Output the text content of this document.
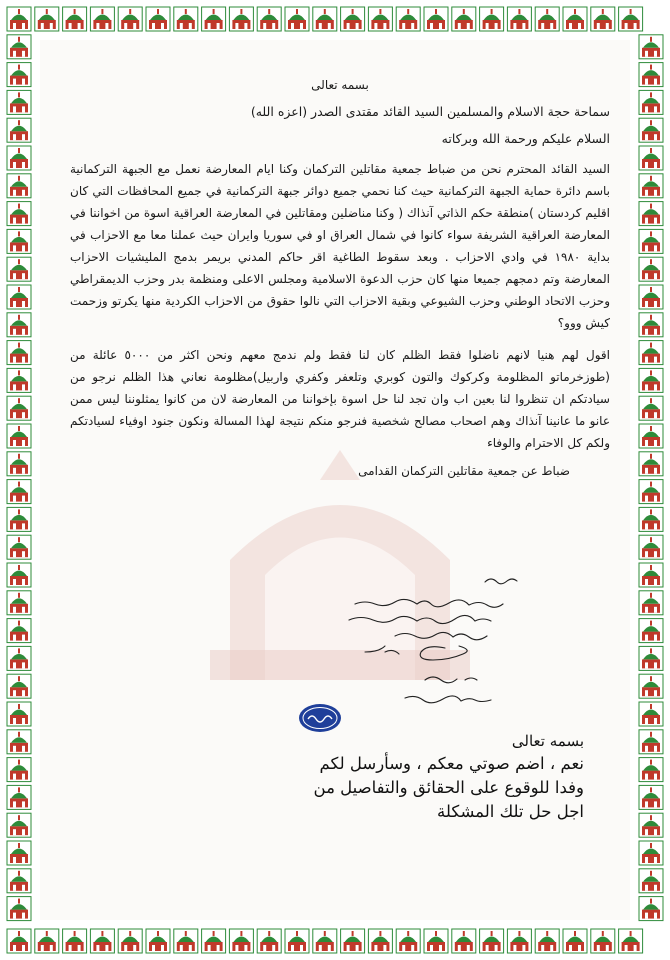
بسمه تعالى
سماحة حجة الاسلام والمسلمين السيد القائد مقتدى الصدر (اعزه الله)
السلام عليكم ورحمة الله وبركاته

السيد القائد المحترم نحن من ضباط جمعية مقاتلين التركمان وكنا ايام المعارضة نعمل مع الجبهة التركمانية باسم دائرة حماية الجبهة التركمانية حيث كنا نحمي جميع دوائر جبهة التركمانية في جميع المحافظات التي كان اقليم كردستان )منطقة حكم الذاتي آنذاك ( وكنا مناضلين ومقاتلين في المعارضة العراقية اسوة من اخواننا في المعارضة العراقية الشريفة سواء كانوا في شمال العراق او في سوريا وايران حيث عملنا معا مع الاحزاب في بداية ١٩٨٠ في وادي الاحزاب . وبعد سقوط الطاغية اقر حاكم المدني بريمر بدمج المليشيات الاحزاب المعارضة وتم دمجهم جميعا منها كان حزب الدعوة الاسلامية ومجلس الاعلى ومنظمة بدر وحزب الديمقراطي وحزب الاتحاد الوطني وحزب الشيوعي وبقية الاحزاب التي نالوا حقوق من الاحزاب الكردية منها يكرتو وزحمت كيش ووو؟

اقول لهم هنيا لانهم ناضلوا فقط الظلم كان لنا فقط ولم ندمج معهم ونحن اكثر من ٥٠٠٠ عائلة من (طوزخرماتو المظلومة وكركوك والتون كوبري وتلعفر وكفري واربيل)مظلومة نعاني هذا الظلم نرجو من سيادتكم ان تنظروا لنا بعين اب وان تجد لنا حل اسوة بإخواننا من المعارضة لان من كانوا يمثلوننا ليس ممن عانو ما عانينا آنذاك وهم اصحاب مصالح شخصية فنرجو منكم نتيجة لهذا المسالة ونكون جنود اوفياء لسيادتكم ولكم كل الاحترام والوفاء

ضباط عن جمعية مقاتلين التركمان القدامى
بسمه تعالى
نعم ، اضم صوتي معكم ، وسأرسل لكم
وفدا للوقوع على الحقائق والتفاصيل من
اجل حل تلك المشكلة
